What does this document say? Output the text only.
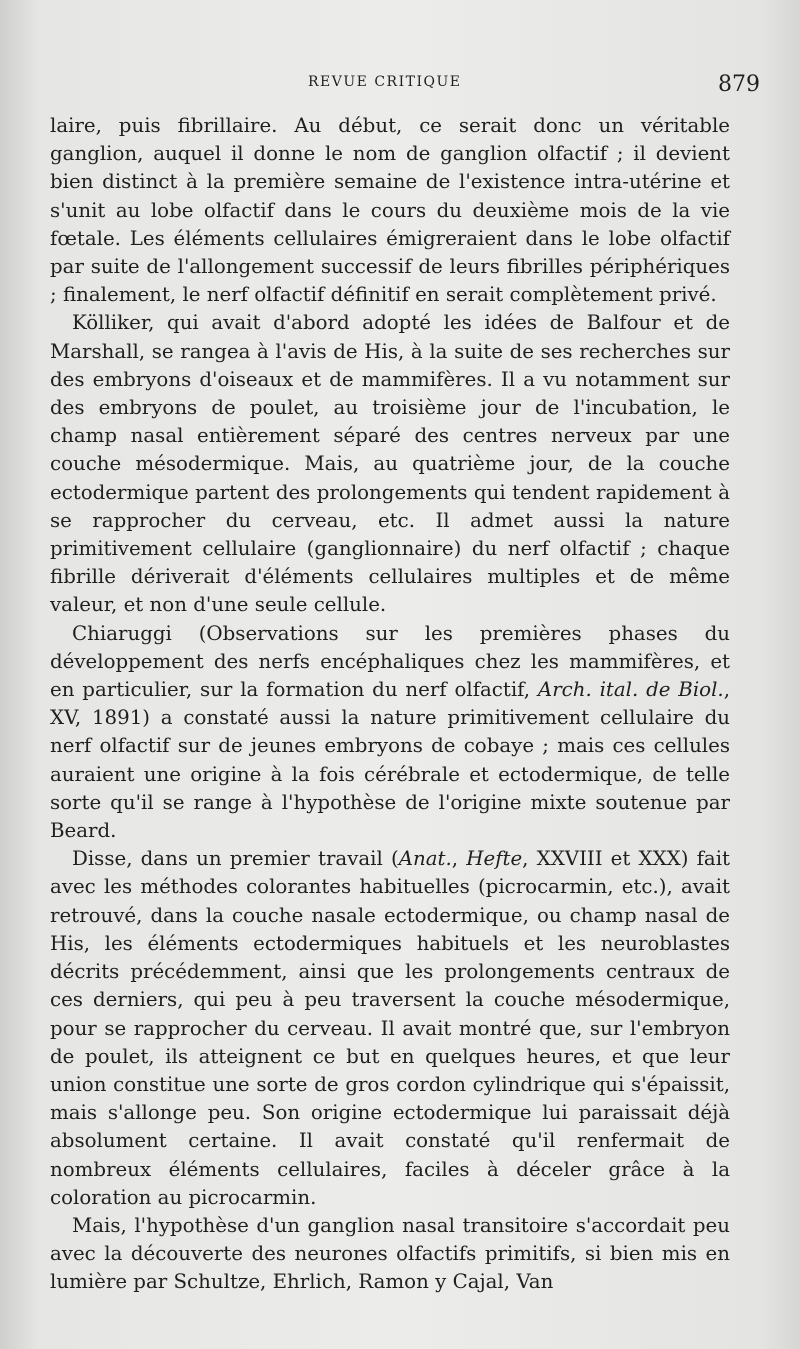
REVUE CRITIQUE	879

laire, puis fibrillaire. Au début, ce serait donc un véritable ganglion, auquel il donne le nom de ganglion olfactif ; il devient bien distinct à la première semaine de l'existence intra-utérine et s'unit au lobe olfactif dans le cours du deuxième mois de la vie fœtale. Les éléments cellulaires émigreraient dans le lobe olfactif par suite de l'allongement successif de leurs fibrilles périphériques ; finalement, le nerf olfactif définitif en serait complètement privé.

Kölliker, qui avait d'abord adopté les idées de Balfour et de Marshall, se rangea à l'avis de His, à la suite de ses recherches sur des embryons d'oiseaux et de mammifères. Il a vu notamment sur des embryons de poulet, au troisième jour de l'incubation, le champ nasal entièrement séparé des centres nerveux par une couche mésodermique. Mais, au quatrième jour, de la couche ectodermique partent des prolongements qui tendent rapidement à se rapprocher du cerveau, etc. Il admet aussi la nature primitivement cellulaire (ganglionnaire) du nerf olfactif ; chaque fibrille dériverait d'éléments cellulaires multiples et de même valeur, et non d'une seule cellule.

Chiaruggi (Observations sur les premières phases du développement des nerfs encéphaliques chez les mammifères, et en particulier, sur la formation du nerf olfactif, Arch. ital. de Biol., XV, 1891) a constaté aussi la nature primitivement cellulaire du nerf olfactif sur de jeunes embryons de cobaye ; mais ces cellules auraient une origine à la fois cérébrale et ectodermique, de telle sorte qu'il se range à l'hypothèse de l'origine mixte soutenue par Beard.

Disse, dans un premier travail (Anat., Hefte, XXVIII et XXX) fait avec les méthodes colorantes habituelles (picrocarmin, etc.), avait retrouvé, dans la couche nasale ectodermique, ou champ nasal de His, les éléments ectodermiques habituels et les neuroblastes décrits précédemment, ainsi que les prolongements centraux de ces derniers, qui peu à peu traversent la couche mésodermique, pour se rapprocher du cerveau. Il avait montré que, sur l'embryon de poulet, ils atteignent ce but en quelques heures, et que leur union constitue une sorte de gros cordon cylindrique qui s'épaissit, mais s'allonge peu. Son origine ectodermique lui paraissait déjà absolument certaine. Il avait constaté qu'il renfermait de nombreux éléments cellulaires, faciles à déceler grâce à la coloration au picrocarmin.

Mais, l'hypothèse d'un ganglion nasal transitoire s'accordait peu avec la découverte des neurones olfactifs primitifs, si bien mis en lumière par Schultze, Ehrlich, Ramon y Cajal, Van
